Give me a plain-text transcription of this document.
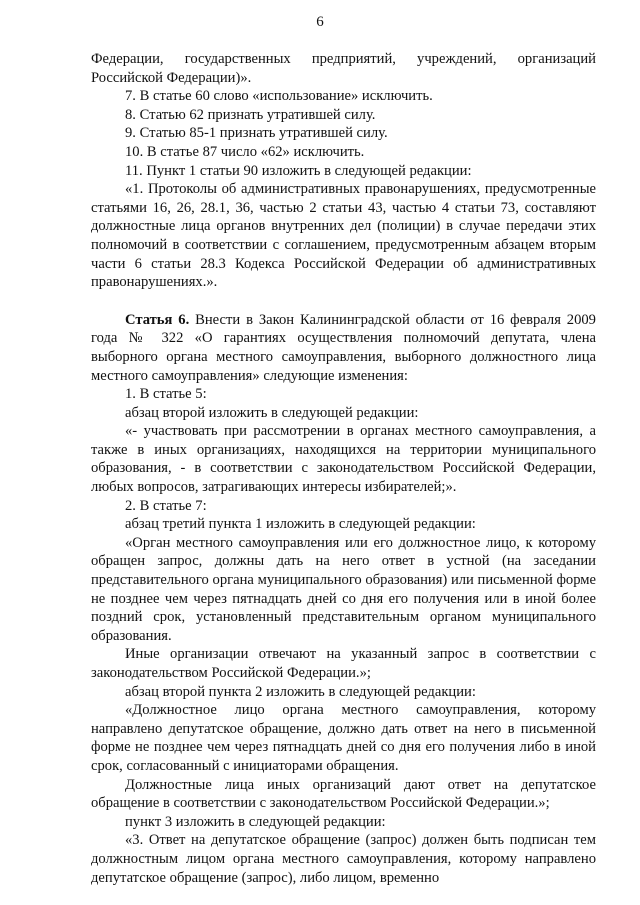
6

Федерации, государственных предприятий, учреждений, организаций Российской Федерации)».

7. В статье 60 слово «использование» исключить.

8. Статью 62 признать утратившей силу.

9. Статью 85-1 признать утратившей силу.

10. В статье 87 число «62» исключить.

11. Пункт 1 статьи 90 изложить в следующей редакции:

«1. Протоколы об административных правонарушениях, предусмотренные статьями 16, 26, 28.1, 36, частью 2 статьи 43, частью 4 статьи 73, составляют должностные лица органов внутренних дел (полиции) в случае передачи этих полномочий в соответствии с соглашением, предусмотренным абзацем вторым части 6 статьи 28.3 Кодекса Российской Федерации об административных правонарушениях.».

Статья 6. Внести в Закон Калининградской области от 16 февраля 2009 года № 322 «О гарантиях осуществления полномочий депутата, члена выборного органа местного самоуправления, выборного должностного лица местного самоуправления» следующие изменения:

1. В статье 5:

абзац второй изложить в следующей редакции:

«- участвовать при рассмотрении в органах местного самоуправления, а также в иных организациях, находящихся на территории муниципального образования, - в соответствии с законодательством Российской Федерации, любых вопросов, затрагивающих интересы избирателей;».

2. В статье 7:

абзац третий пункта 1 изложить в следующей редакции:

«Орган местного самоуправления или его должностное лицо, к которому обращен запрос, должны дать на него ответ в устной (на заседании представительного органа муниципального образования) или письменной форме не позднее чем через пятнадцать дней со дня его получения или в иной более поздний срок, установленный представительным органом муниципального образования.

Иные организации отвечают на указанный запрос в соответствии с законодательством Российской Федерации.»;

абзац второй пункта 2 изложить в следующей редакции:

«Должностное лицо органа местного самоуправления, которому направлено депутатское обращение, должно дать ответ на него в письменной форме не позднее чем через пятнадцать дней со дня его получения либо в иной срок, согласованный с инициаторами обращения.

Должностные лица иных организаций дают ответ на депутатское обращение в соответствии с законодательством Российской Федерации.»;

пункт 3 изложить в следующей редакции:

«3. Ответ на депутатское обращение (запрос) должен быть подписан тем должностным лицом органа местного самоуправления, которому направлено депутатское обращение (запрос), либо лицом, временно
